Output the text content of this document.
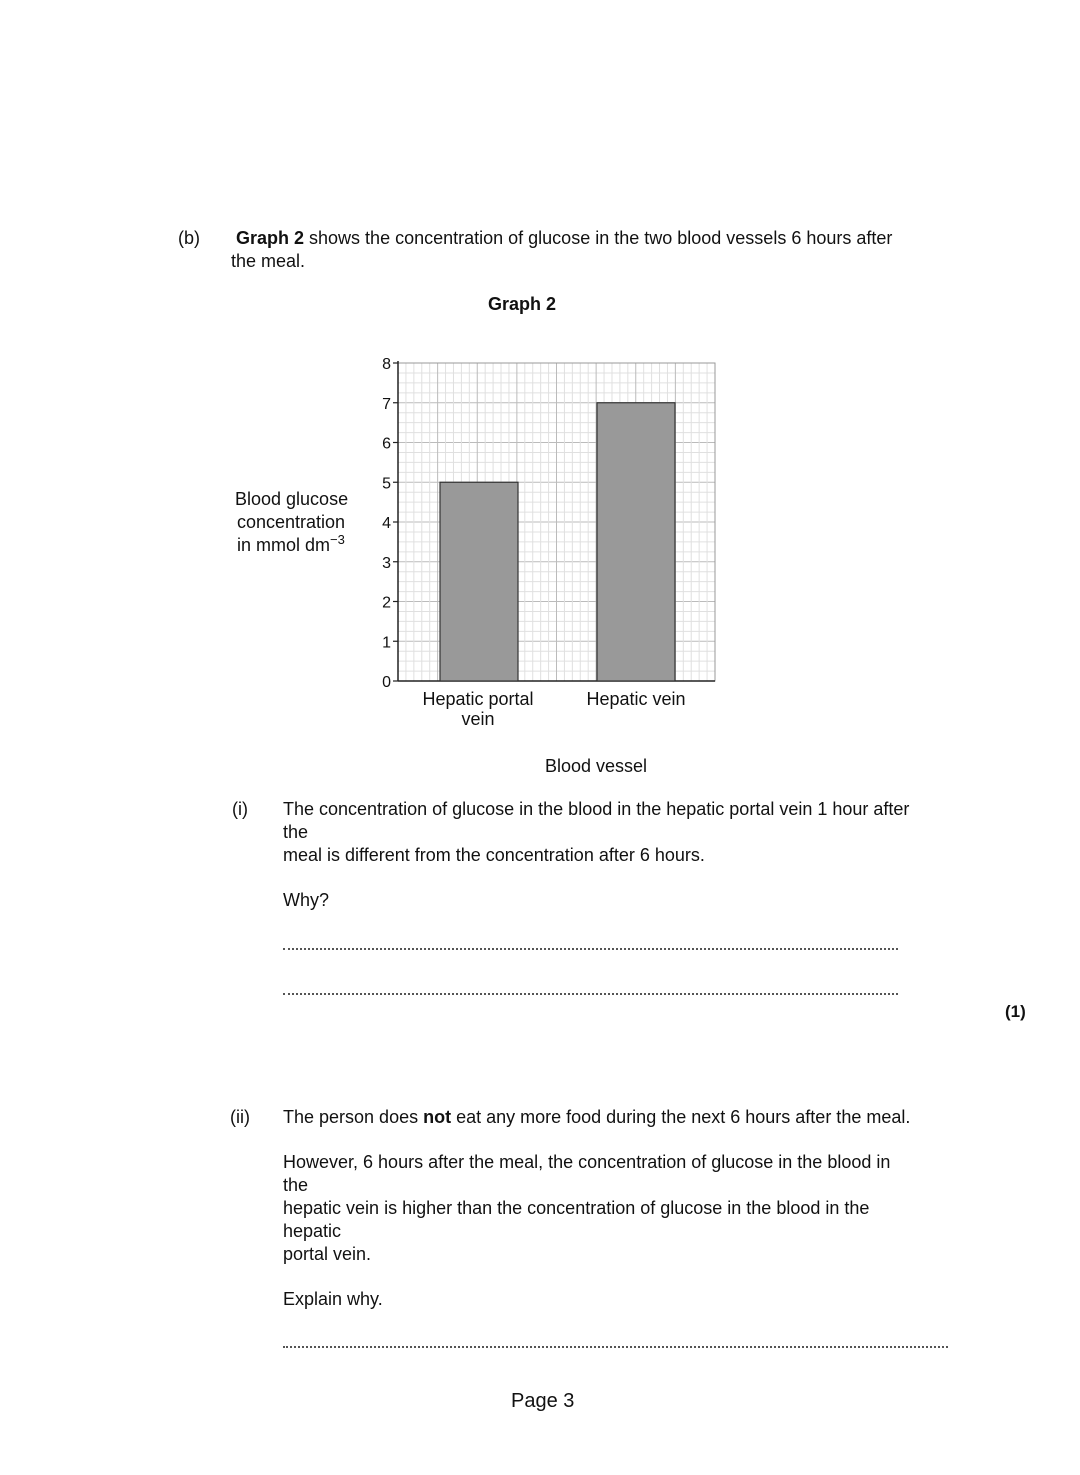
(b) Graph 2 shows the concentration of glucose in the two blood vessels 6 hours after
the meal.
Graph 2
0
1
2
3
4
5
6
7
8
Hepatic portal
vein
Hepatic vein
Blood glucose
concentration
in mmol $dm^{-3}$
Blood vessel
(i) The concentration of glucose in the blood in the hepatic portal vein 1 hour after
the
meal is different from the concentration after 6 hours.
Why?
(1)
(ii) The person does not eat any more food during the next 6 hours after the meal.
However, 6 hours after the meal, the concentration of glucose in the blood in
the
hepatic vein is higher than the concentration of glucose in the blood in the
hepatic
portal vein.
Explain why.
Page 3
